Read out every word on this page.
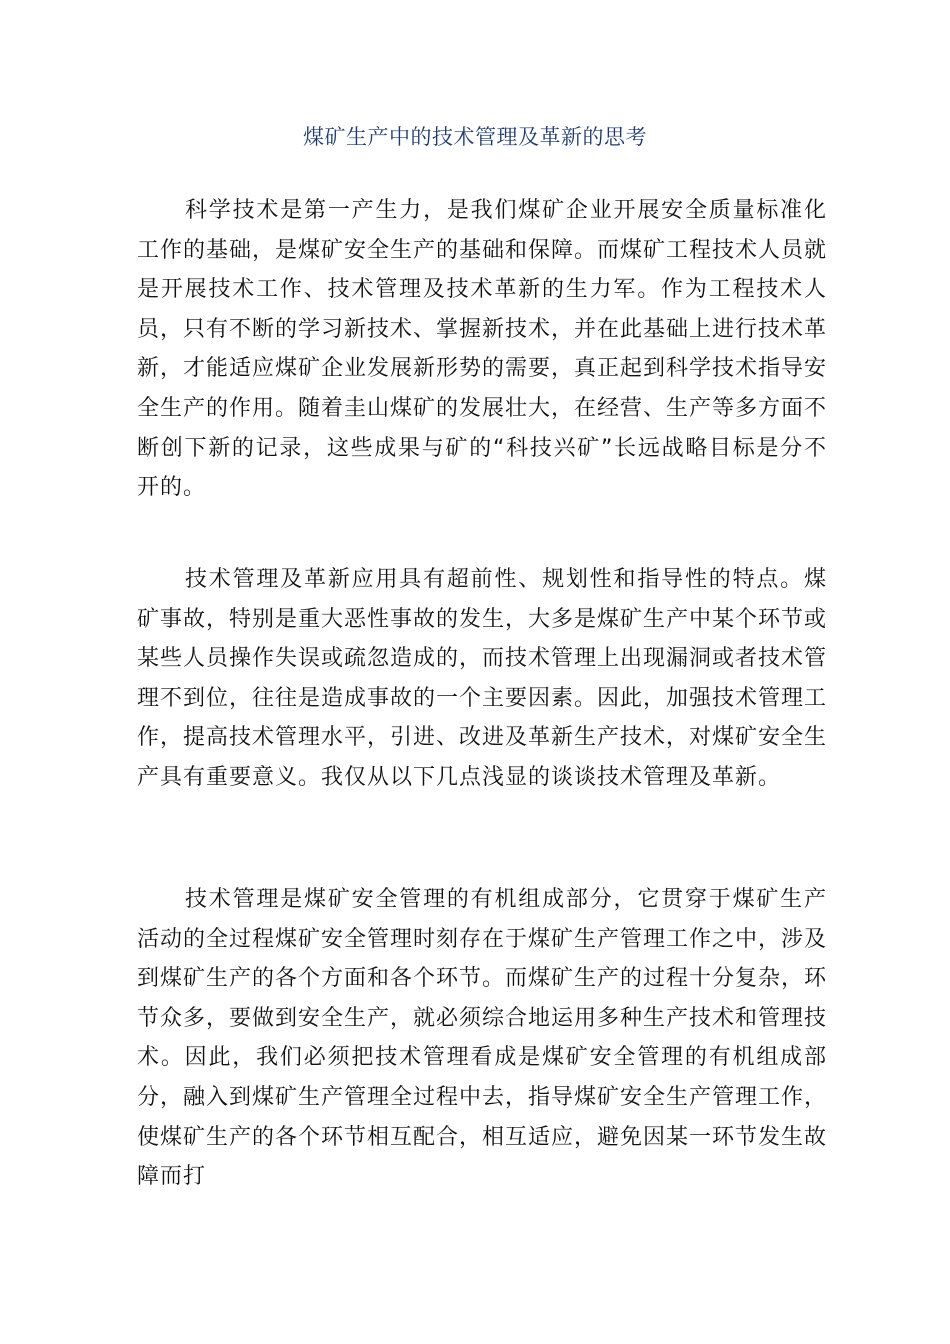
煤矿生产中的技术管理及革新的思考

科学技术是第一产生力，是我们煤矿企业开展安全质量标准化工作的基础，是煤矿安全生产的基础和保障。而煤矿工程技术人员就是开展技术工作、技术管理及技术革新的生力军。作为工程技术人员，只有不断的学习新技术、掌握新技术，并在此基础上进行技术革新，才能适应煤矿企业发展新形势的需要，真正起到科学技术指导安全生产的作用。随着圭山煤矿的发展壮大，在经营、生产等多方面不断创下新的记录，这些成果与矿的“科技兴矿”长远战略目标是分不开的。

技术管理及革新应用具有超前性、规划性和指导性的特点。煤矿事故，特别是重大恶性事故的发生，大多是煤矿生产中某个环节或某些人员操作失误或疏忽造成的，而技术管理上出现漏洞或者技术管理不到位，往往是造成事故的一个主要因素。因此，加强技术管理工作，提高技术管理水平，引进、改进及革新生产技术，对煤矿安全生产具有重要意义。我仅从以下几点浅显的谈谈技术管理及革新。

技术管理是煤矿安全管理的有机组成部分，它贯穿于煤矿生产活动的全过程煤矿安全管理时刻存在于煤矿生产管理工作之中，涉及到煤矿生产的各个方面和各个环节。而煤矿生产的过程十分复杂，环节众多，要做到安全生产，就必须综合地运用多种生产技术和管理技术。因此，我们必须把技术管理看成是煤矿安全管理的有机组成部分，融入到煤矿生产管理全过程中去，指导煤矿安全生产管理工作，使煤矿生产的各个环节相互配合，相互适应，避免因某一环节发生故障而打
